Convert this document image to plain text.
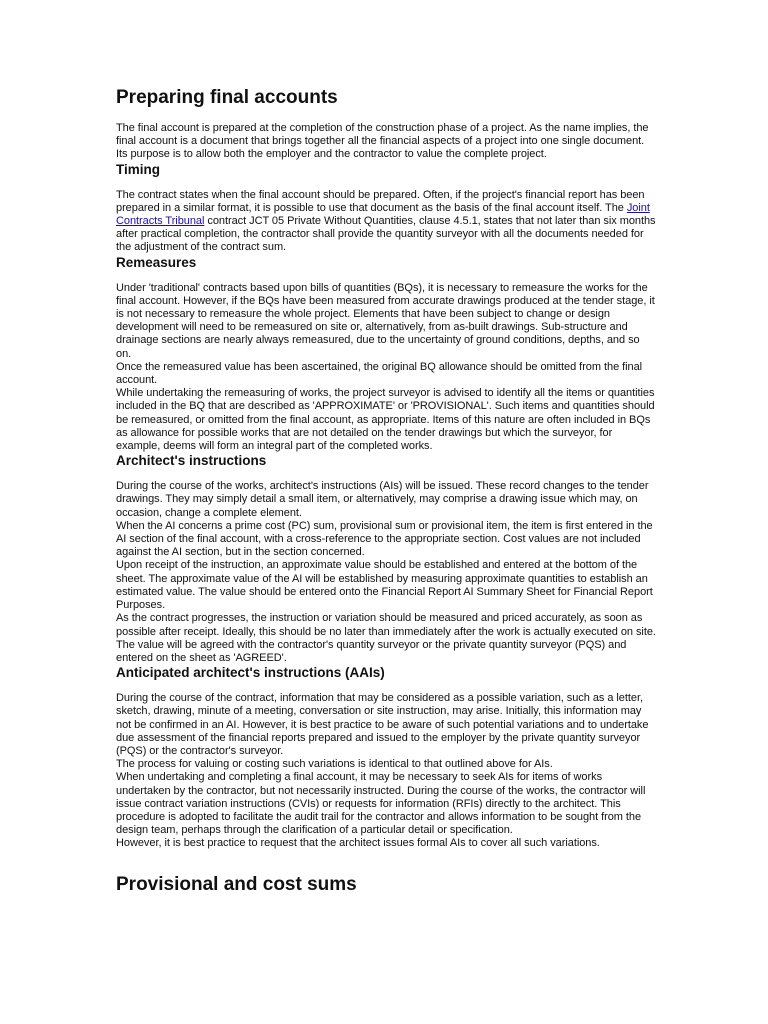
Preparing final accounts

The final account is prepared at the completion of the construction phase of a project. As the name implies, the final account is a document that brings together all the financial aspects of a project into one single document. Its purpose is to allow both the employer and the contractor to value the complete project.

Timing

The contract states when the final account should be prepared. Often, if the project's financial report has been prepared in a similar format, it is possible to use that document as the basis of the final account itself. The Joint Contracts Tribunal contract JCT 05 Private Without Quantities, clause 4.5.1, states that not later than six months after practical completion, the contractor shall provide the quantity surveyor with all the documents needed for the adjustment of the contract sum.

Remeasures

Under 'traditional' contracts based upon bills of quantities (BQs), it is necessary to remeasure the works for the final account. However, if the BQs have been measured from accurate drawings produced at the tender stage, it is not necessary to remeasure the whole project. Elements that have been subject to change or design development will need to be remeasured on site or, alternatively, from as-built drawings. Sub-structure and drainage sections are nearly always remeasured, due to the uncertainty of ground conditions, depths, and so on.

Once the remeasured value has been ascertained, the original BQ allowance should be omitted from the final account.

While undertaking the remeasuring of works, the project surveyor is advised to identify all the items or quantities included in the BQ that are described as 'APPROXIMATE' or 'PROVISIONAL'. Such items and quantities should be remeasured, or omitted from the final account, as appropriate. Items of this nature are often included in BQs as allowance for possible works that are not detailed on the tender drawings but which the surveyor, for example, deems will form an integral part of the completed works.

Architect's instructions

During the course of the works, architect's instructions (AIs) will be issued. These record changes to the tender drawings. They may simply detail a small item, or alternatively, may comprise a drawing issue which may, on occasion, change a complete element.

When the AI concerns a prime cost (PC) sum, provisional sum or provisional item, the item is first entered in the AI section of the final account, with a cross-reference to the appropriate section. Cost values are not included against the AI section, but in the section concerned.

Upon receipt of the instruction, an approximate value should be established and entered at the bottom of the sheet. The approximate value of the AI will be established by measuring approximate quantities to establish an estimated value. The value should be entered onto the Financial Report AI Summary Sheet for Financial Report Purposes.

As the contract progresses, the instruction or variation should be measured and priced accurately, as soon as possible after receipt. Ideally, this should be no later than immediately after the work is actually executed on site. The value will be agreed with the contractor's quantity surveyor or the private quantity surveyor (PQS) and entered on the sheet as 'AGREED'.

Anticipated architect's instructions (AAIs)

During the course of the contract, information that may be considered as a possible variation, such as a letter, sketch, drawing, minute of a meeting, conversation or site instruction, may arise. Initially, this information may not be confirmed in an AI. However, it is best practice to be aware of such potential variations and to undertake due assessment of the financial reports prepared and issued to the employer by the private quantity surveyor (PQS) or the contractor's surveyor.

The process for valuing or costing such variations is identical to that outlined above for AIs.

When undertaking and completing a final account, it may be necessary to seek AIs for items of works undertaken by the contractor, but not necessarily instructed. During the course of the works, the contractor will issue contract variation instructions (CVIs) or requests for information (RFIs) directly to the architect. This procedure is adopted to facilitate the audit trail for the contractor and allows information to be sought from the design team, perhaps through the clarification of a particular detail or specification.

However, it is best practice to request that the architect issues formal AIs to cover all such variations.

Provisional and cost sums
